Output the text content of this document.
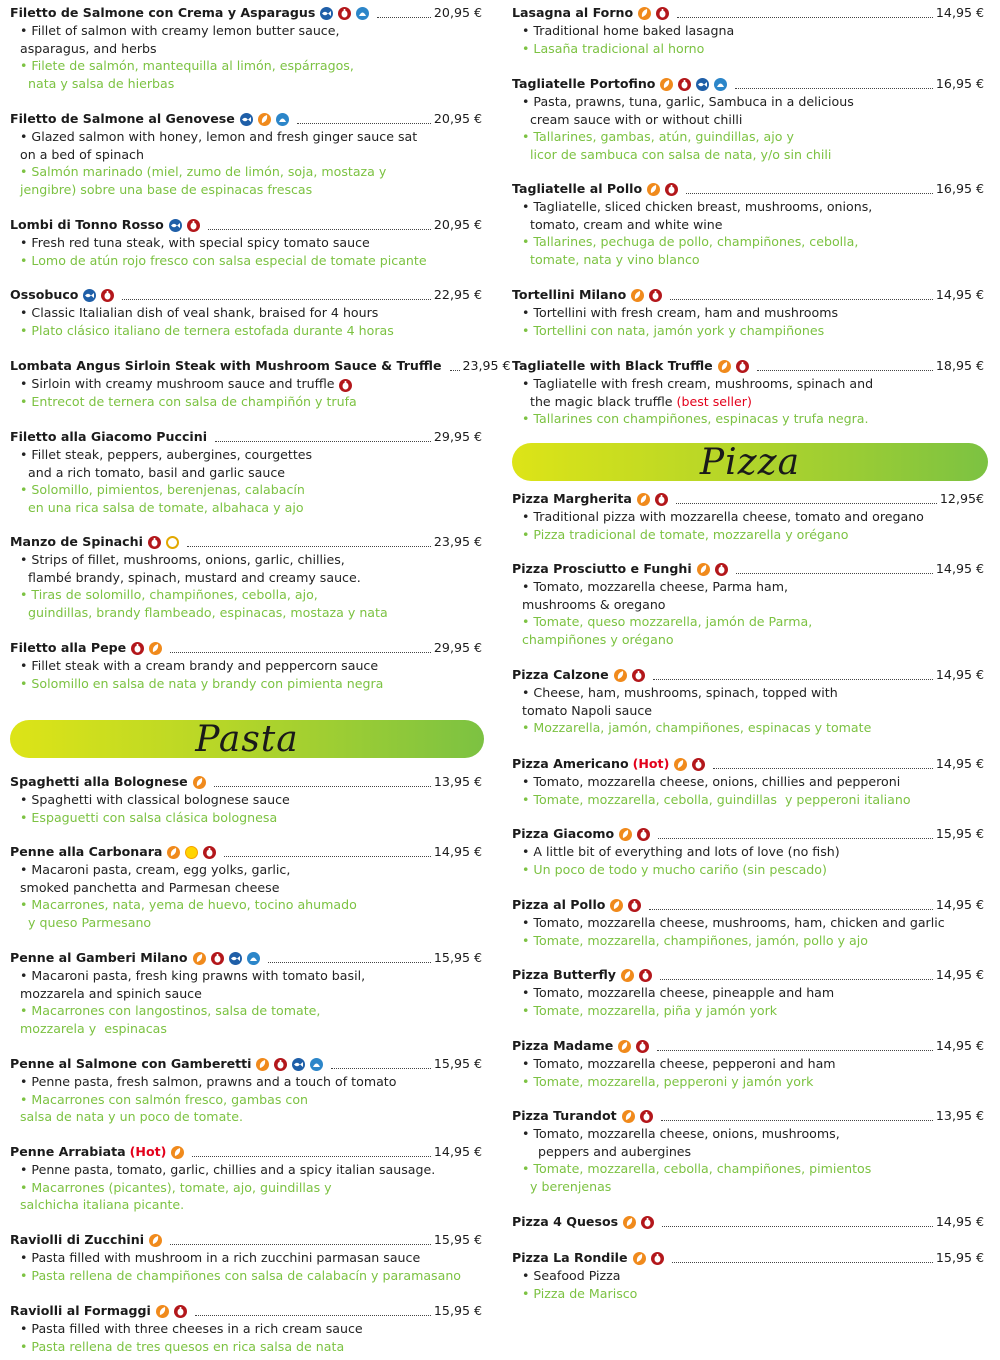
Filetto de Salmone con Crema y Asparagus	20,95 €
• Fillet of salmon with creamy lemon butter sauce,
asparagus, and herbs
• Filete de salmón, mantequilla al limón, espárragos,
nata y salsa de hierbas
Filetto de Salmone al Genovese	20,95 €
• Glazed salmon with honey, lemon and fresh ginger sauce sat
on a bed of spinach
• Salmón marinado (miel, zumo de limón, soja, mostaza y
jengibre) sobre una base de espinacas frescas
Lombi di Tonno Rosso	20,95 €
• Fresh red tuna steak, with special spicy tomato sauce
• Lomo de atún rojo fresco con salsa especial de tomate picante
Ossobuco	22,95 €
• Classic Italialian dish of veal shank, braised for 4 hours
• Plato clásico italiano de ternera estofada durante 4 horas
Lombata Angus Sirloin Steak with Mushroom Sauce & Truffle 23,95 €
• Sirloin with creamy mushroom sauce and truffle
• Entrecot de ternera con salsa de champiñón y trufa
Filetto alla Giacomo Puccini	29,95 €
• Fillet steak, peppers, aubergines, courgettes
and a rich tomato, basil and garlic sauce
• Solomillo, pimientos, berenjenas, calabacín
en una rica salsa de tomate, albahaca y ajo
Manzo de Spinachi	23,95 €
• Strips of fillet, mushrooms, onions, garlic, chillies,
flambé brandy, spinach, mustard and creamy sauce.
• Tiras de solomillo, champiñones, cebolla, ajo,
guindillas, brandy flambeado, espinacas, mostaza y nata
Filetto alla Pepe	29,95 €
• Fillet steak with a cream brandy and peppercorn sauce
• Solomillo en salsa de nata y brandy con pimienta negra
Pasta
Spaghetti alla Bolognese	13,95 €
• Spaghetti with classical bolognese sauce
• Espaguetti con salsa clásica bolognesa
Penne alla Carbonara	14,95 €
• Macaroni pasta, cream, egg yolks, garlic,
smoked panchetta and Parmesan cheese
• Macarrones, nata, yema de huevo, tocino ahumado
y queso Parmesano
Penne al Gamberi Milano	15,95 €
• Macaroni pasta, fresh king prawns with tomato basil,
mozzarela and spinich sauce
• Macarrones con langostinos, salsa de tomate,
mozzarela y  espinacas
Penne al Salmone con Gamberetti	15,95 €
• Penne pasta, fresh salmon, prawns and a touch of tomato
• Macarrones con salmón fresco, gambas con
salsa de nata y un poco de tomate.
Penne Arrabiata (Hot)	14,95 €
• Penne pasta, tomato, garlic, chillies and a spicy italian sausage.
• Macarrones (picantes), tomate, ajo, guindillas y
salchicha italiana picante.
Raviolli di Zucchini	15,95 €
• Pasta filled with mushroom in a rich zucchini parmasan sauce
• Pasta rellena de champiñones con salsa de calabacín y paramasano
Raviolli al Formaggi	15,95 €
• Pasta filled with three cheeses in a rich cream sauce
• Pasta rellena de tres quesos en rica salsa de nata
Lasagna al Forno	14,95 €
• Traditional home baked lasagna
• Lasaña tradicional al horno
Tagliatelle Portofino	16,95 €
• Pasta, prawns, tuna, garlic, Sambuca in a delicious
cream sauce with or without chilli
• Tallarines, gambas, atún, guindillas, ajo y
licor de sambuca con salsa de nata, y/o sin chili
Tagliatelle al Pollo	16,95 €
• Tagliatelle, sliced chicken breast, mushrooms, onions,
tomato, cream and white wine
• Tallarines, pechuga de pollo, champiñones, cebolla,
tomate, nata y vino blanco
Tortellini Milano	14,95 €
• Tortellini with fresh cream, ham and mushrooms
• Tortellini con nata, jamón york y champiñones
Tagliatelle with Black Truffle	18,95 €
• Tagliatelle with fresh cream, mushrooms, spinach and
the magic black truffle (best seller)
• Tallarines con champiñones, espinacas y trufa negra.
Pizza
Pizza Margherita	12,95€
• Traditional pizza with mozzarella cheese, tomato and oregano
• Pizza tradicional de tomate, mozzarella y orégano
Pizza Prosciutto e Funghi	14,95 €
• Tomato, mozzarella cheese, Parma ham,
mushrooms & oregano
• Tomate, queso mozzarella, jamón de Parma,
champiñones y orégano
Pizza Calzone	14,95 €
• Cheese, ham, mushrooms, spinach, topped with
tomato Napoli sauce
• Mozzarella, jamón, champiñones, espinacas y tomate
Pizza Americano (Hot)	14,95 €
• Tomato, mozzarella cheese, onions, chillies and pepperoni
• Tomate, mozzarella, cebolla, guindillas  y pepperoni italiano
Pizza Giacomo	15,95 €
• A little bit of everything and lots of love (no fish)
• Un poco de todo y mucho cariño (sin pescado)
Pizza al Pollo	14,95 €
• Tomato, mozzarella cheese, mushrooms, ham, chicken and garlic
• Tomate, mozzarella, champiñones, jamón, pollo y ajo
Pizza Butterfly	14,95 €
• Tomato, mozzarella cheese, pineapple and ham
• Tomate, mozzarella, piña y jamón york
Pizza Madame	14,95 €
• Tomato, mozzarella cheese, pepperoni and ham
• Tomate, mozzarella, pepperoni y jamón york
Pizza Turandot	13,95 €
• Tomato, mozzarella cheese, onions, mushrooms,
peppers and aubergines
• Tomate, mozzarella, cebolla, champiñones, pimientos
y berenjenas
Pizza 4 Quesos	14,95 €
Pizza La Rondile	15,95 €
• Seafood Pizza
• Pizza de Marisco
